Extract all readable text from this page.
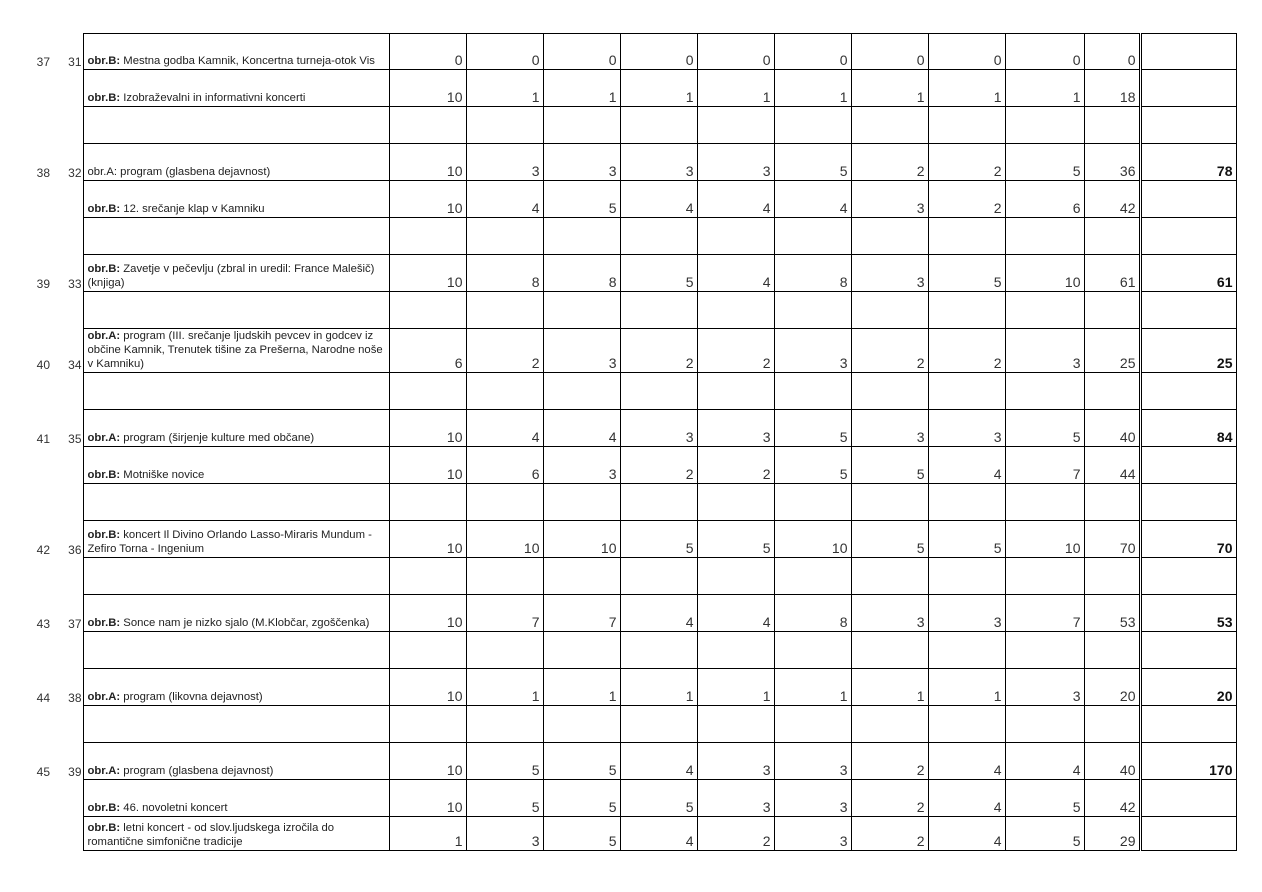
37	31	obr.B: Mestna godba Kamnik, Koncertna turneja-otok Vis	0	0	0	0	0	0	0	0	0	0	
		obr.B: Izobraževalni in informativni koncerti	10	1	1	1	1	1	1	1	1	18	

38	32	obr.A: program (glasbena dejavnost)	10	3	3	3	3	5	2	2	5	36	78
		obr.B: 12. srečanje klap v Kamniku	10	4	5	4	4	4	3	2	6	42	

39	33	obr.B: Zavetje v pečevlju (zbral in uredil: France Malešič) (knjiga)	10	8	8	5	4	8	3	5	10	61	61

40	34	obr.A: program (III. srečanje ljudskih pevcev in godcev iz občine Kamnik, Trenutek tišine za Prešerna, Narodne noše v Kamniku)	6	2	3	2	2	3	2	2	3	25	25

41	35	obr.A: program (širjenje kulture med občane)	10	4	4	3	3	5	3	3	5	40	84
		obr.B: Motniške novice	10	6	3	2	2	5	5	4	7	44	

42	36	obr.B: koncert Il Divino Orlando Lasso-Miraris Mundum - Zefiro Torna - Ingenium	10	10	10	5	5	10	5	5	10	70	70

43	37	obr.B: Sonce nam je nizko sjalo (M.Klobčar, zgoščenka)	10	7	7	4	4	8	3	3	7	53	53

44	38	obr.A: program (likovna dejavnost)	10	1	1	1	1	1	1	1	3	20	20

45	39	obr.A: program (glasbena dejavnost)	10	5	5	4	3	3	2	4	4	40	170
		obr.B: 46. novoletni koncert	10	5	5	5	3	3	2	4	5	42	
		obr.B: letni koncert - od slov.ljudskega izročila do romantične simfonične tradicije	1	3	5	4	2	3	2	4	5	29	
